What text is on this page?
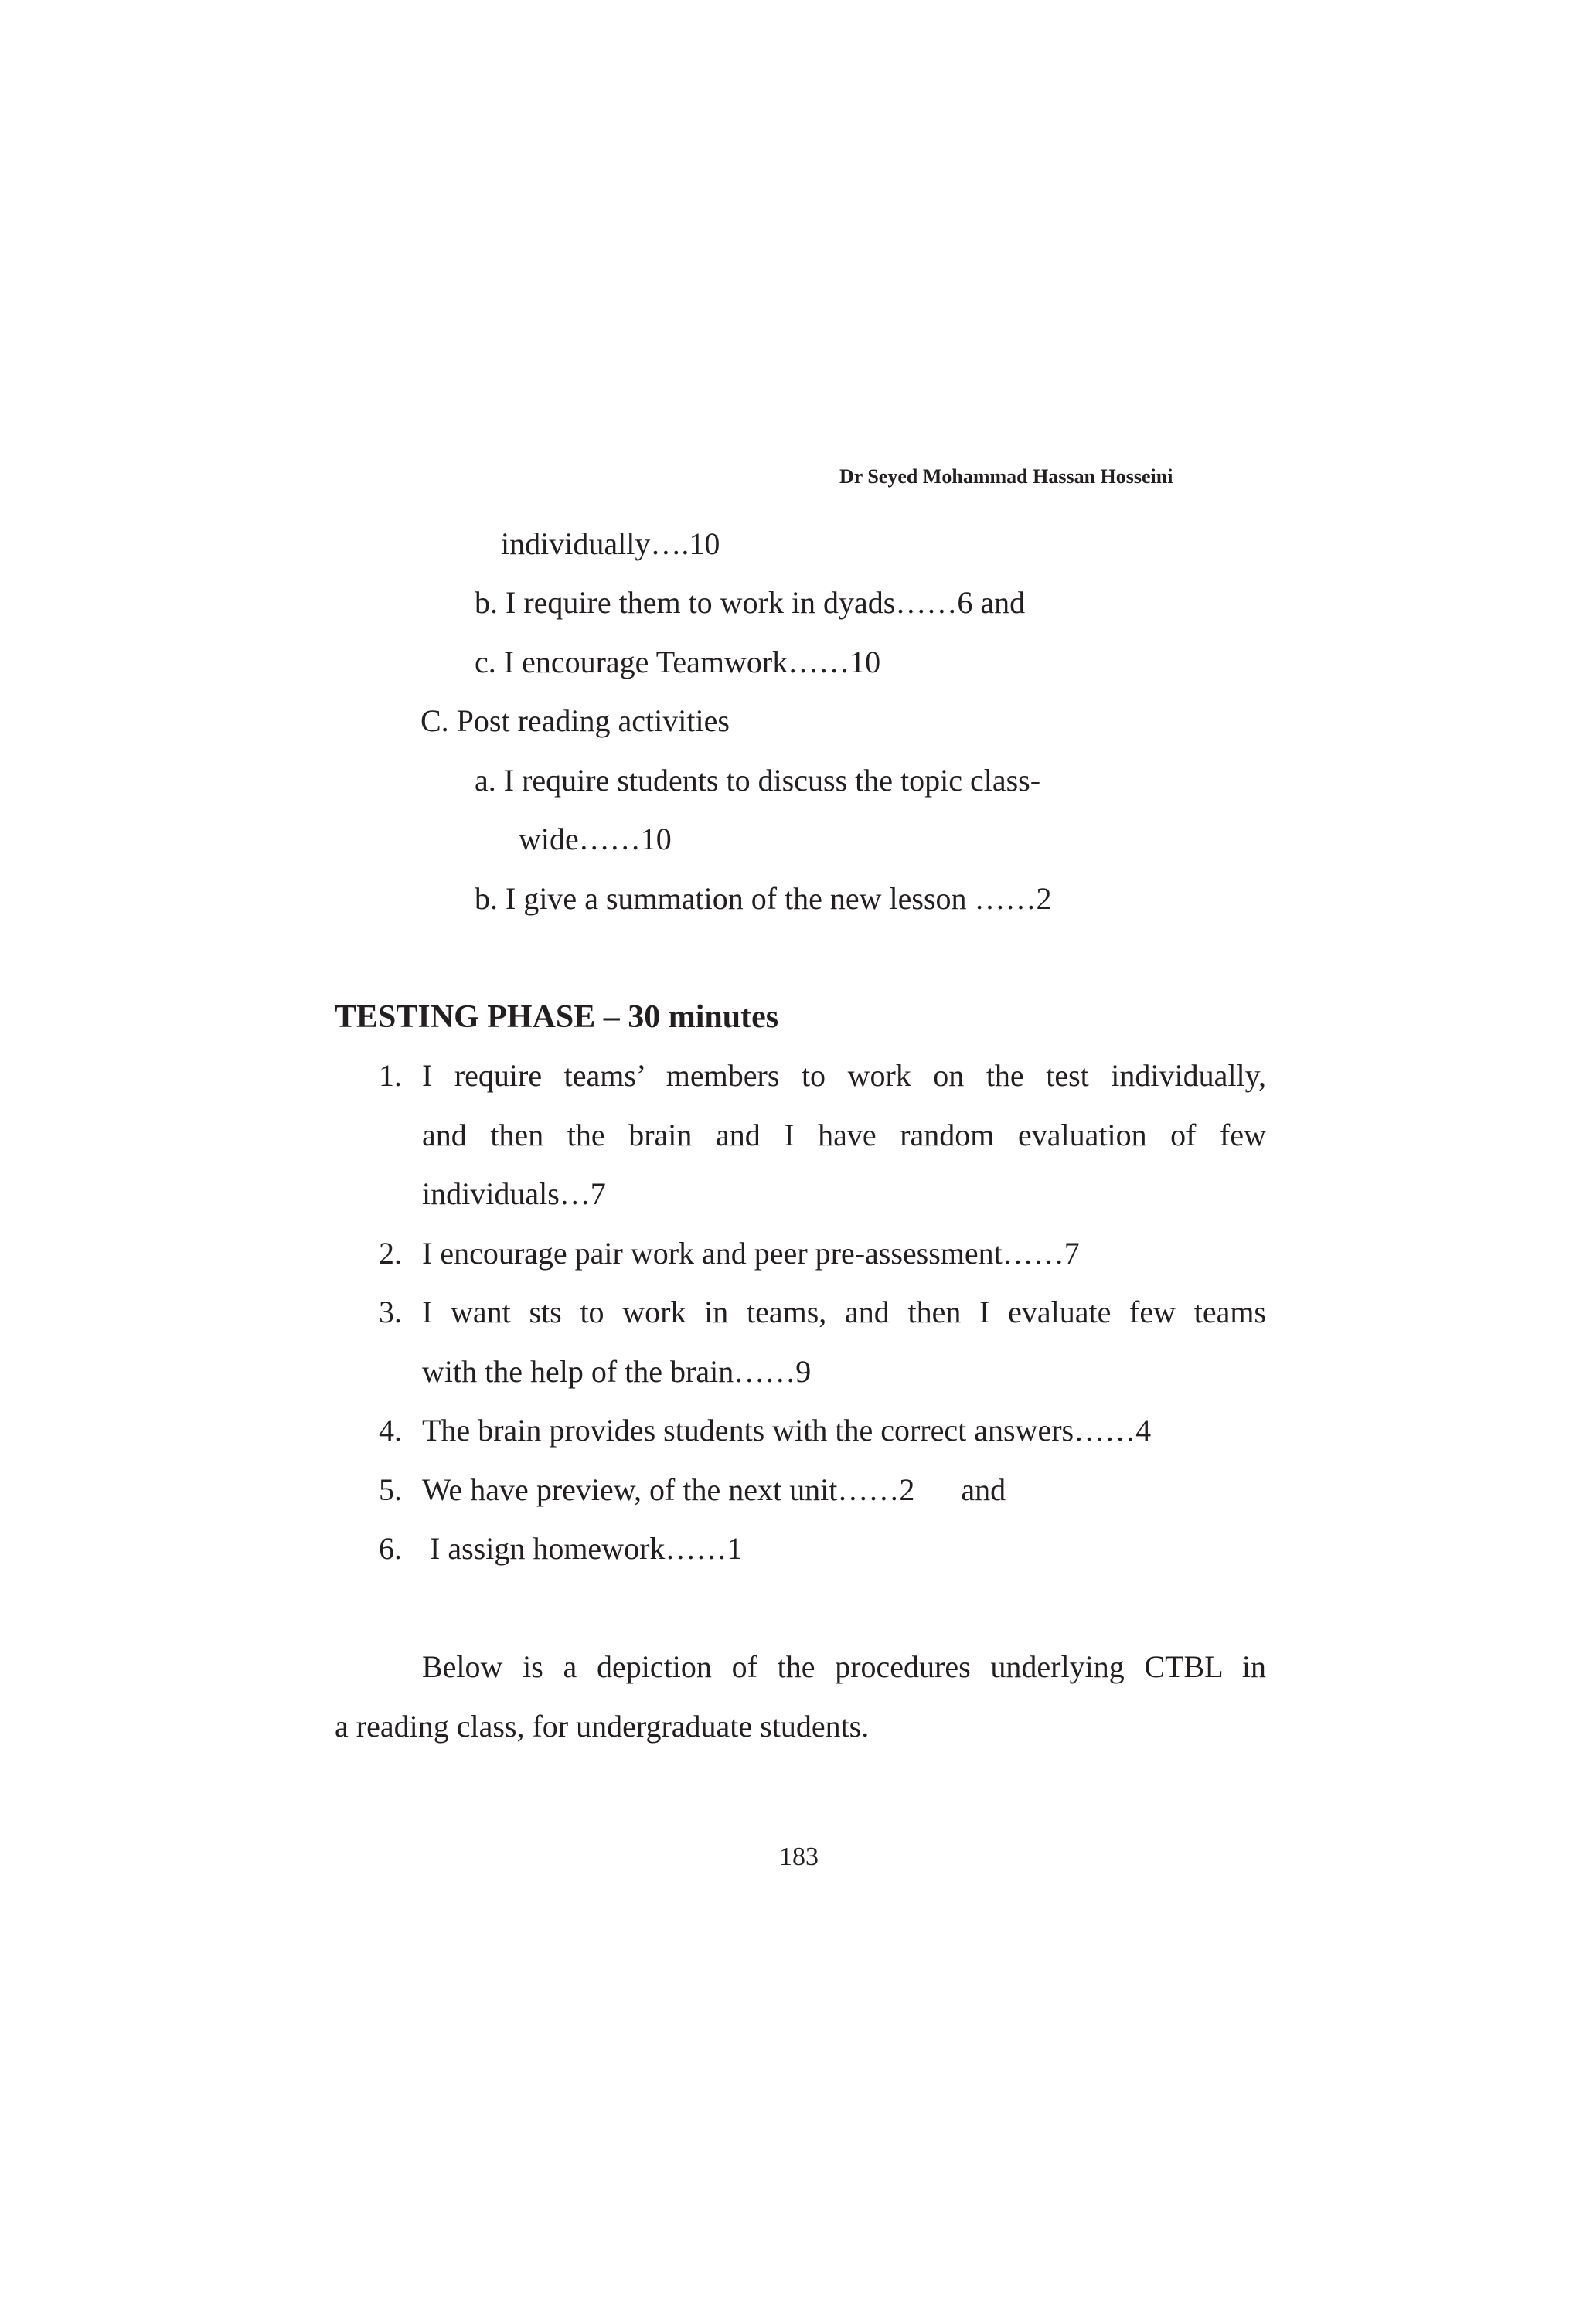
Dr Seyed Mohammad Hassan Hosseini
individually….10
b. I require them to work in dyads……6 and
c. I encourage Teamwork……10
C. Post reading activities
a. I require students to discuss the topic class-
wide……10
b. I give a summation of the new lesson ……2
TESTING PHASE – 30 minutes
1. I require teams’ members to work on the test individually,
and then the brain and I have random evaluation of few
individuals…7
2. I encourage pair work and peer pre-assessment……7
3. I want sts to work in teams, and then I evaluate few teams
with the help of the brain……9
4. The brain provides students with the correct answers……4
5. We have preview, of the next unit……2      and
6. I assign homework……1
Below is a depiction of the procedures underlying CTBL in
a reading class, for undergraduate students.
183
